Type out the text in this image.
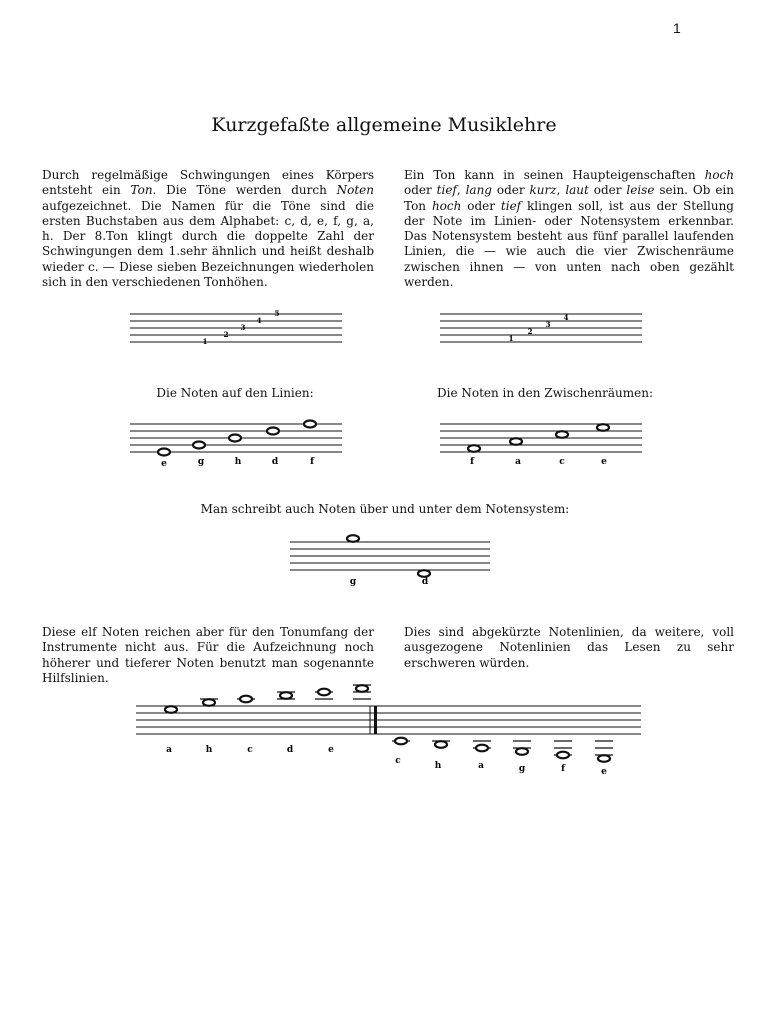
1
Kurzgefaßte allgemeine Musiklehre

Durch regelmäßige Schwingungen eines Körpers entsteht ein Ton. Die Töne werden durch Noten aufgezeichnet. Die Namen für die Töne sind die ersten Buchstaben aus dem Alphabet: c, d, e, f, g, a, h. Der 8.Ton klingt durch die doppelte Zahl der Schwingungen dem 1.sehr ähnlich und heißt deshalb wieder c. — Diese sieben Bezeichnungen wiederholen sich in den verschiedenen Tonhöhen.

Ein Ton kann in seinen Haupteigenschaften hoch oder tief, lang oder kurz, laut oder leise sein. Ob ein Ton hoch oder tief klingen soll, ist aus der Stellung der Note im Linien- oder Notensystem erkennbar. Das Notensystem besteht aus fünf parallel laufenden Linien, die — wie auch die vier Zwischenräume zwischen ihnen — von unten nach oben gezählt werden.

1
2
3
4
5
1
2
3
4
Die Noten auf den Linien:	Die Noten in den Zwischenräumen:
e	g	h	d	f	f	a	c	e
Man schreibt auch Noten über und unter dem Notensystem:
g	d

Diese elf Noten reichen aber für den Tonumfang der Instrumente nicht aus. Für die Aufzeichnung noch höherer und tieferer Noten benutzt man sogenannte Hilfslinien.

Dies sind abgekürzte Notenlinien, da weitere, voll ausgezogene Notenlinien das Lesen zu sehr erschweren würden.

a	h	c	d	e
c	h	a	g	f	e
